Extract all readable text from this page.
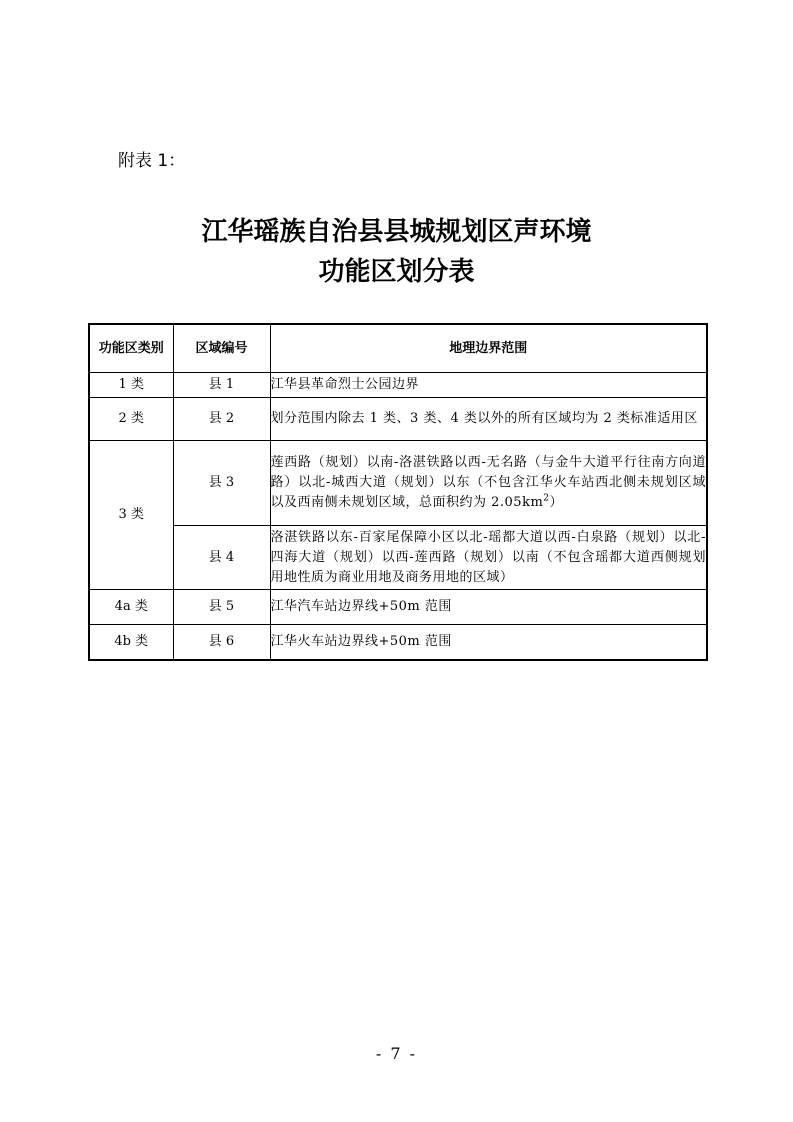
附表 1：
江华瑶族自治县县城规划区声环境
功能区划分表
功能区类别	区域编号	地理边界范围
1 类	县 1	江华县革命烈士公园边界
2 类	县 2	划分范围内除去 1 类、3 类、4 类以外的所有区域均为 2 类标准适用区
3 类	县 3	莲西路（规划）以南-洛湛铁路以西-无名路（与金牛大道平行往南方向道路）以北-城西大道（规划）以东（不包含江华火车站西北侧未规划区域以及西南侧未规划区域，总面积约为 $2.05km^2$）
	县 4	洛湛铁路以东-百家尾保障小区以北-瑶都大道以西-白泉路（规划）以北-四海大道（规划）以西-莲西路（规划）以南（不包含瑶都大道西侧规划用地性质为商业用地及商务用地的区域）
4a 类	县 5	江华汽车站边界线+50m 范围
4b 类	县 6	江华火车站边界线+50m 范围
- 7 -
